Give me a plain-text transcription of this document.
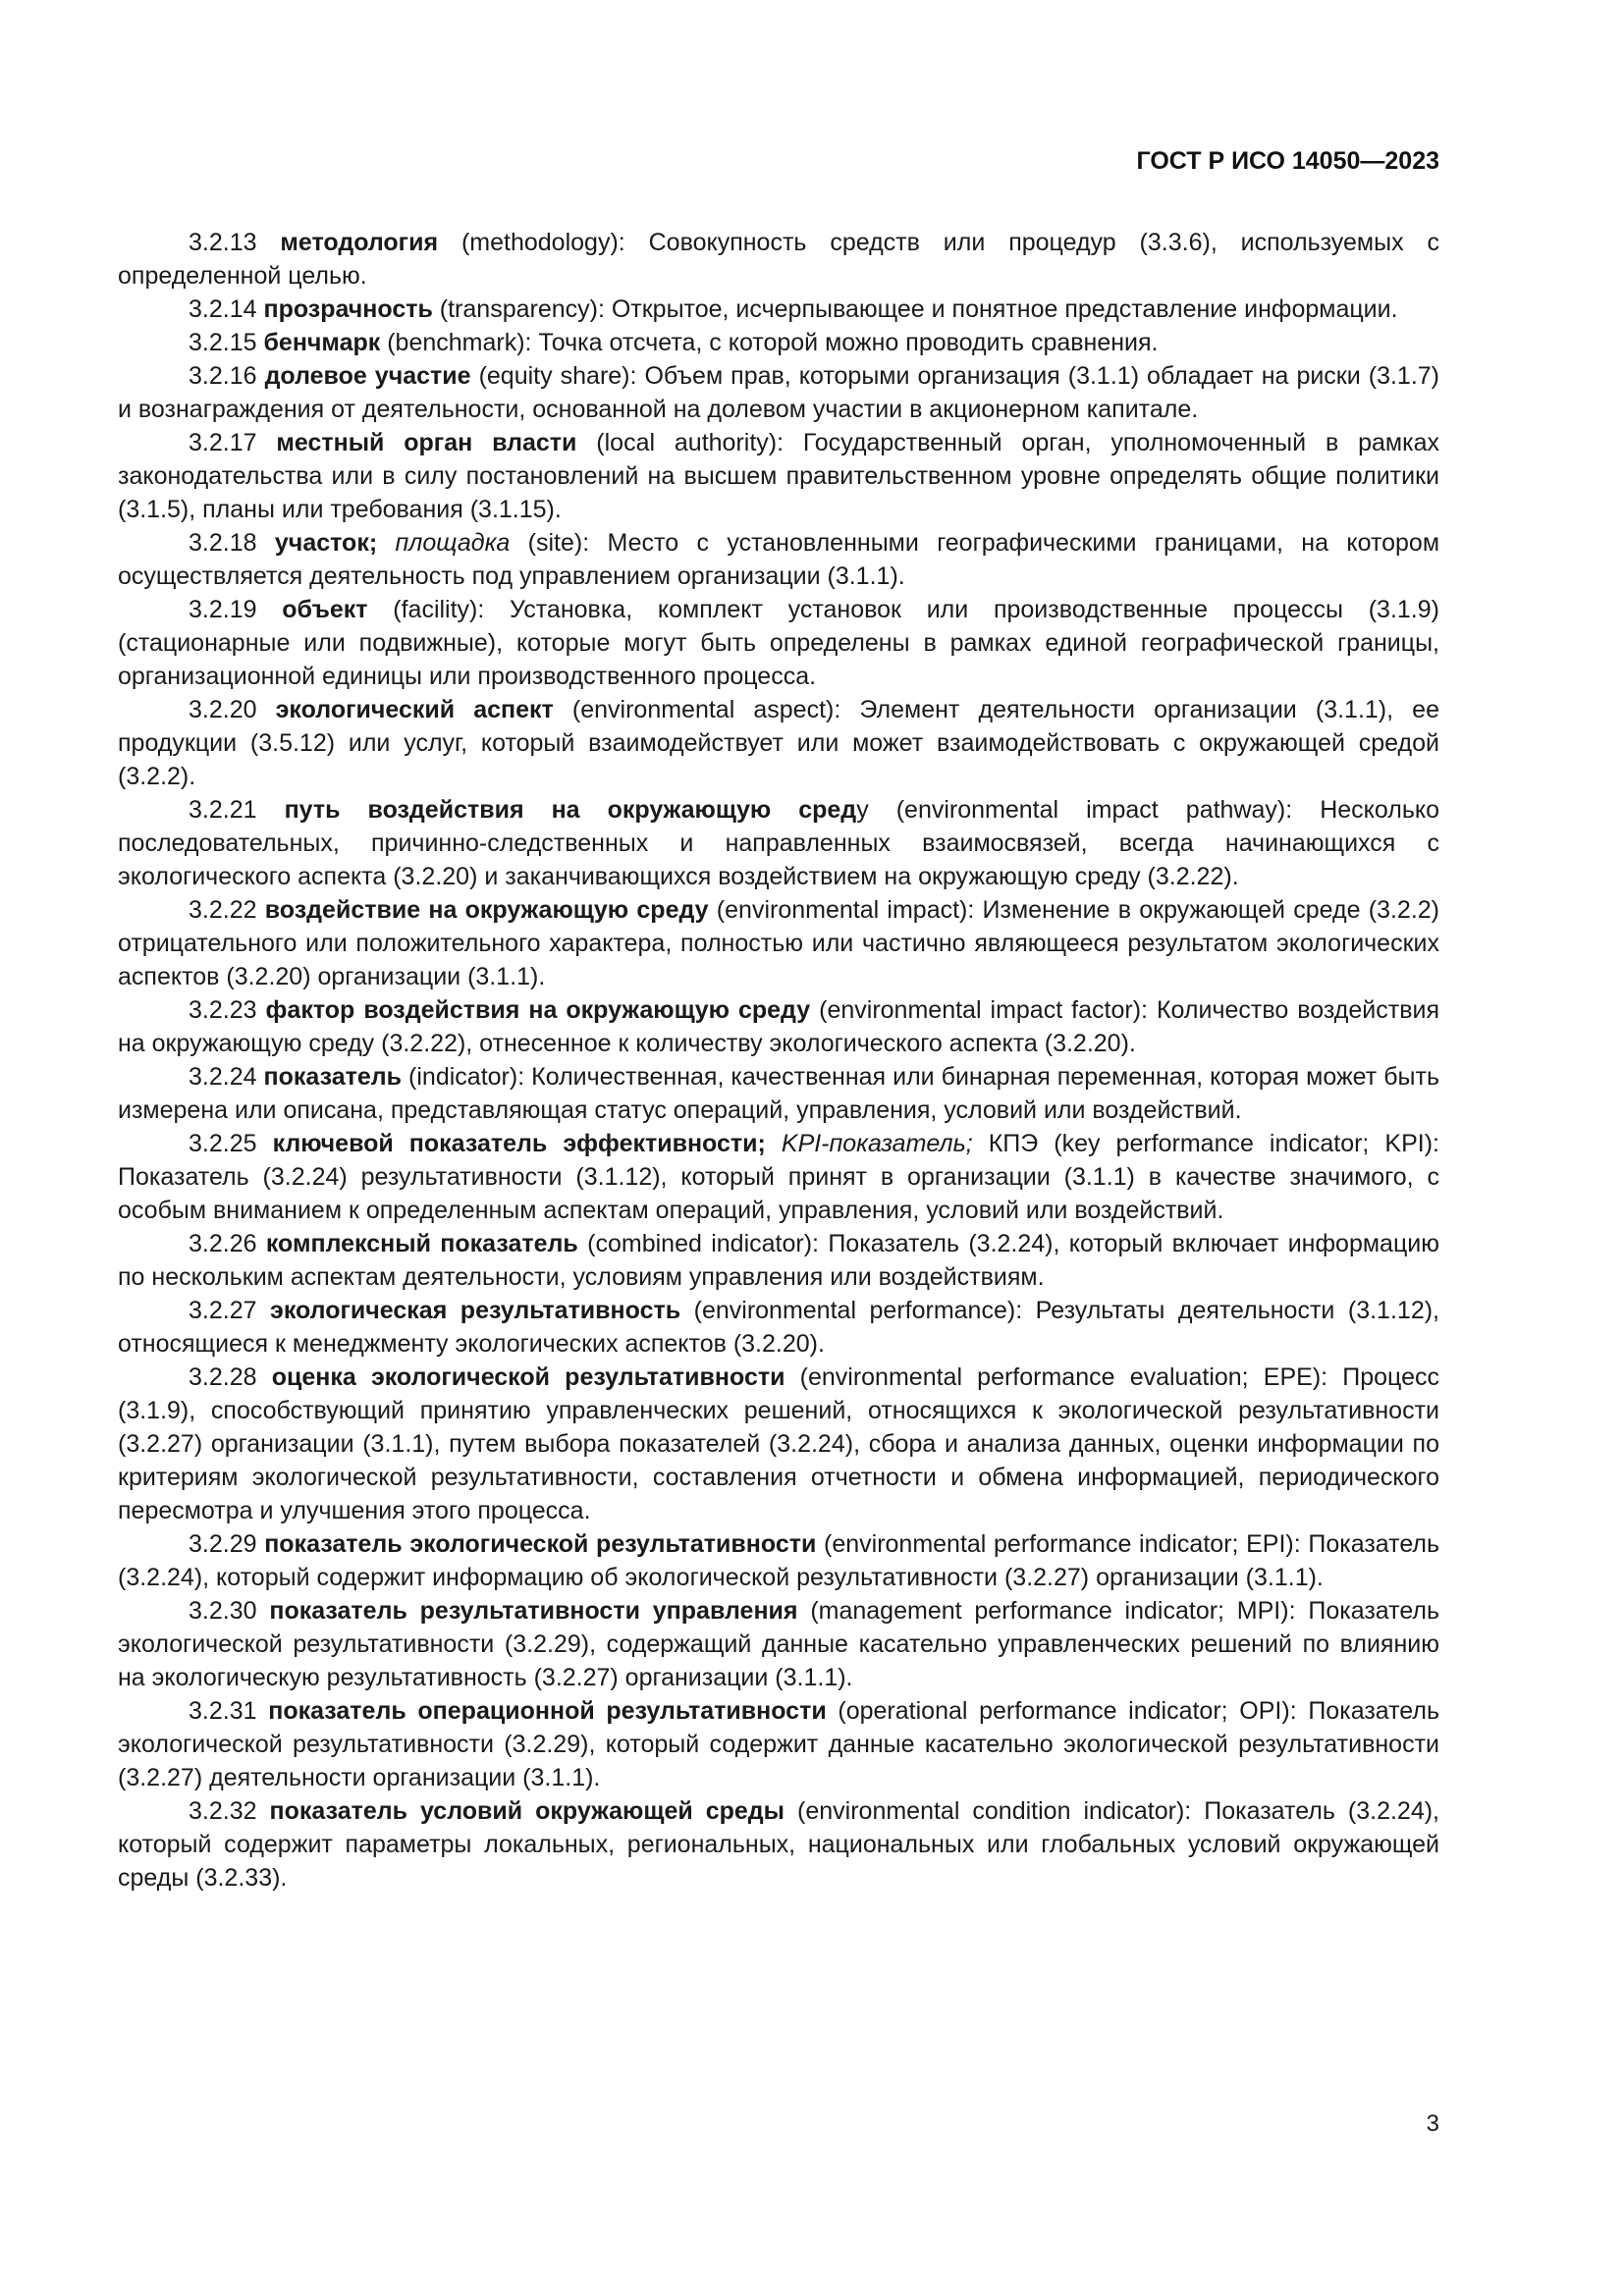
ГОСТ Р ИСО 14050—2023

3.2.13 методология (methodology): Совокупность средств или процедур (3.3.6), используемых с определенной целью.

3.2.14 прозрачность (transparency): Открытое, исчерпывающее и понятное представление информации.

3.2.15 бенчмарк (benchmark): Точка отсчета, с которой можно проводить сравнения.

3.2.16 долевое участие (equity share): Объем прав, которыми организация (3.1.1) обладает на риски (3.1.7) и вознаграждения от деятельности, основанной на долевом участии в акционерном капитале.

3.2.17 местный орган власти (local authority): Государственный орган, уполномоченный в рамках законодательства или в силу постановлений на высшем правительственном уровне определять общие политики (3.1.5), планы или требования (3.1.15).

3.2.18 участок; площадка (site): Место с установленными географическими границами, на котором осуществляется деятельность под управлением организации (3.1.1).

3.2.19 объект (facility): Установка, комплект установок или производственные процессы (3.1.9) (стационарные или подвижные), которые могут быть определены в рамках единой географической границы, организационной единицы или производственного процесса.

3.2.20 экологический аспект (environmental aspect): Элемент деятельности организации (3.1.1), ее продукции (3.5.12) или услуг, который взаимодействует или может взаимодействовать с окружающей средой (3.2.2).

3.2.21 путь воздействия на окружающую среду (environmental impact pathway): Несколько последовательных, причинно-следственных и направленных взаимосвязей, всегда начинающихся с экологического аспекта (3.2.20) и заканчивающихся воздействием на окружающую среду (3.2.22).

3.2.22 воздействие на окружающую среду (environmental impact): Изменение в окружающей среде (3.2.2) отрицательного или положительного характера, полностью или частично являющееся результатом экологических аспектов (3.2.20) организации (3.1.1).

3.2.23 фактор воздействия на окружающую среду (environmental impact factor): Количество воздействия на окружающую среду (3.2.22), отнесенное к количеству экологического аспекта (3.2.20).

3.2.24 показатель (indicator): Количественная, качественная или бинарная переменная, которая может быть измерена или описана, представляющая статус операций, управления, условий или воздействий.

3.2.25 ключевой показатель эффективности; KPI-показатель; КПЭ (key performance indicator; KPI): Показатель (3.2.24) результативности (3.1.12), который принят в организации (3.1.1) в качестве значимого, с особым вниманием к определенным аспектам операций, управления, условий или воздействий.

3.2.26 комплексный показатель (combined indicator): Показатель (3.2.24), который включает информацию по нескольким аспектам деятельности, условиям управления или воздействиям.

3.2.27 экологическая результативность (environmental performance): Результаты деятельности (3.1.12), относящиеся к менеджменту экологических аспектов (3.2.20).

3.2.28 оценка экологической результативности (environmental performance evaluation; EPE): Процесс (3.1.9), способствующий принятию управленческих решений, относящихся к экологической результативности (3.2.27) организации (3.1.1), путем выбора показателей (3.2.24), сбора и анализа данных, оценки информации по критериям экологической результативности, составления отчетности и обмена информацией, периодического пересмотра и улучшения этого процесса.

3.2.29 показатель экологической результативности (environmental performance indicator; EPI): Показатель (3.2.24), который содержит информацию об экологической результативности (3.2.27) организации (3.1.1).

3.2.30 показатель результативности управления (management performance indicator; MPI): Показатель экологической результативности (3.2.29), содержащий данные касательно управленческих решений по влиянию на экологическую результативность (3.2.27) организации (3.1.1).

3.2.31 показатель операционной результативности (operational performance indicator; OPI): Показатель экологической результативности (3.2.29), который содержит данные касательно экологической результативности (3.2.27) деятельности организации (3.1.1).

3.2.32 показатель условий окружающей среды (environmental condition indicator): Показатель (3.2.24), который содержит параметры локальных, региональных, национальных или глобальных условий окружающей среды (3.2.33).

3
